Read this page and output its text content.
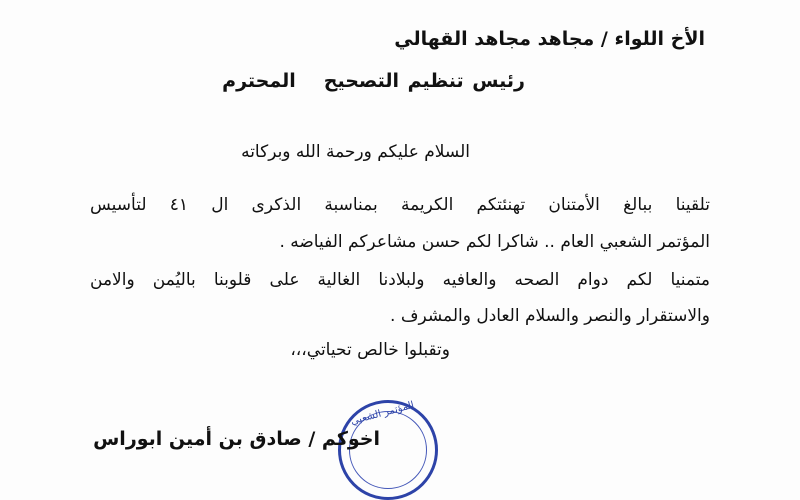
الأخ اللواء / مجاهد مجاهد القهالي
رئيس تنظيم التصحيحالمحترم
السلام عليكم ورحمة الله وبركاته
تلقينا ببالغ الأمتنان تهنئتكم الكريمة بمناسبة الذكرى ال ٤١ لتأسيس
المؤتمر الشعبي العام .. شاكرا لكم حسن مشاعركم الفياضه .
متمنيا لكم دوام الصحه والعافيه ولبلادنا الغالية على قلوبنا باليُمن والامن
والاستقرار والنصر والسلام العادل والمشرف .
وتقبلوا خالص تحياتي،،،
المؤتمر الشعبي
اخوكم / صادق بن أمين ابوراس
